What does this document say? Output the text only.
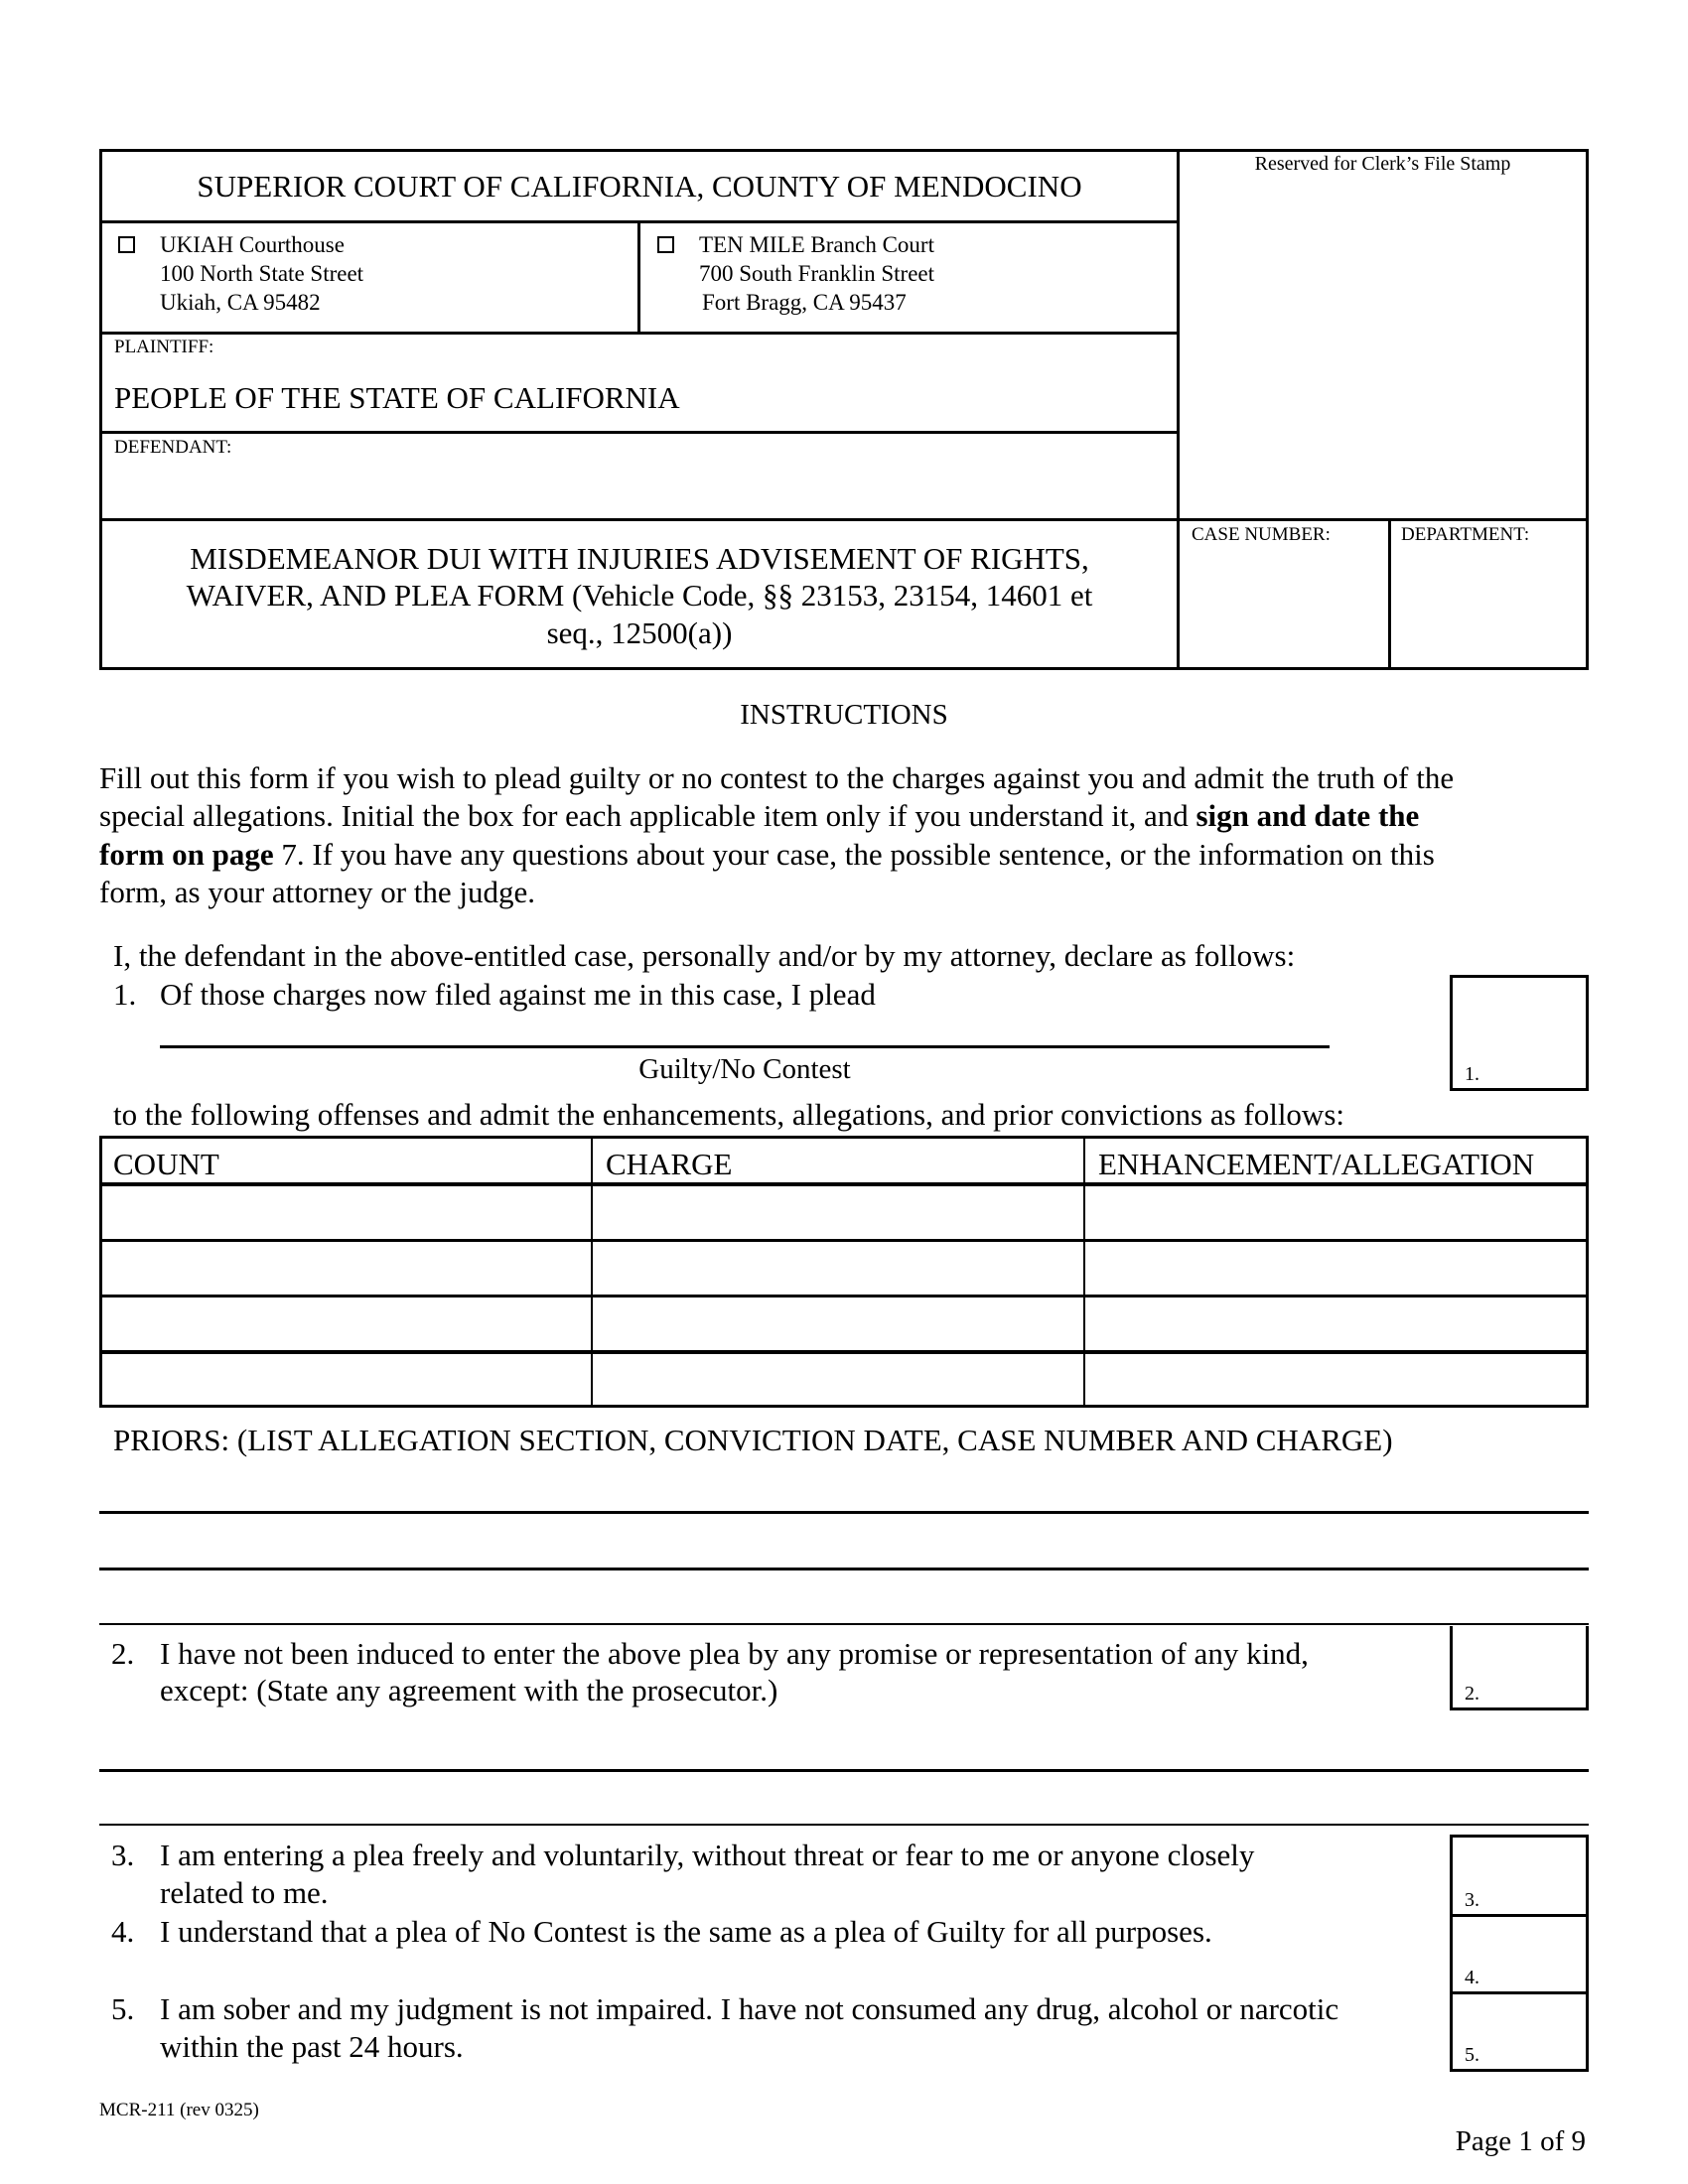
SUPERIOR COURT OF CALIFORNIA, COUNTY OF MENDOCINO
Reserved for Clerk’s File Stamp
UKIAH Courthouse
100 North State Street
Ukiah, CA 95482
TEN MILE Branch Court
700 South Franklin Street
Fort Bragg, CA 95437
PLAINTIFF:
PEOPLE OF THE STATE OF CALIFORNIA
DEFENDANT:
MISDEMEANOR DUI WITH INJURIES ADVISEMENT OF RIGHTS,
WAIVER, AND PLEA FORM (Vehicle Code, §§ 23153, 23154, 14601 et
seq., 12500(a))
CASE NUMBER:	DEPARTMENT:
INSTRUCTIONS
Fill out this form if you wish to plead guilty or no contest to the charges against you and admit the truth of the
special allegations. Initial the box for each applicable item only if you understand it, and sign and date the
form on page 7. If you have any questions about your case, the possible sentence, or the information on this
form, as your attorney or the judge.
I, the defendant in the above-entitled case, personally and/or by my attorney, declare as follows:
1. Of those charges now filed against me in this case, I plead
Guilty/No Contest	1.
to the following offenses and admit the enhancements, allegations, and prior convictions as follows:
COUNT	CHARGE	ENHANCEMENT/ALLEGATION
PRIORS: (LIST ALLEGATION SECTION, CONVICTION DATE, CASE NUMBER AND CHARGE)
2. I have not been induced to enter the above plea by any promise or representation of any kind,
except: (State any agreement with the prosecutor.)	2.
3. I am entering a plea freely and voluntarily, without threat or fear to me or anyone closely
related to me.
4. I understand that a plea of No Contest is the same as a plea of Guilty for all purposes.
5. I am sober and my judgment is not impaired. I have not consumed any drug, alcohol or narcotic
within the past 24 hours.
3.
4.
5.
MCR-211 (rev 0325)
Page 1 of 9
